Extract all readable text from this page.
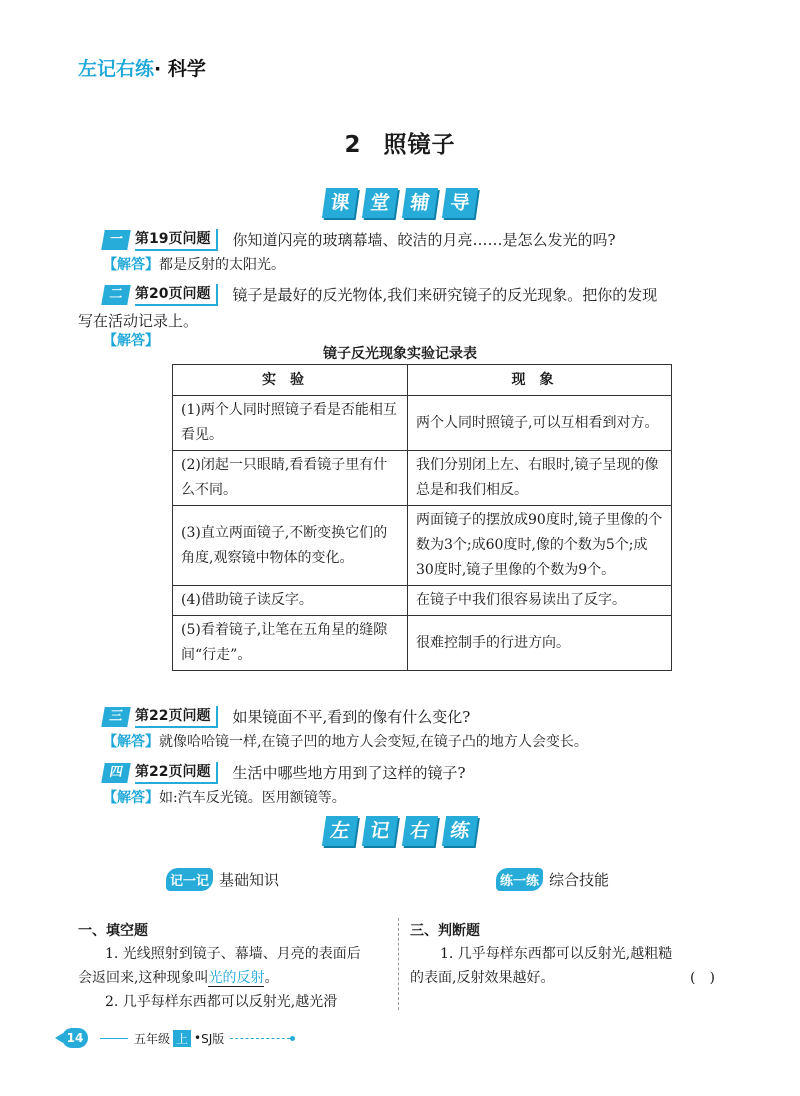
左记右练· 科学
2 照镜子
课 堂 辅 导
一 第19页问题	你知道闪亮的玻璃幕墙、皎洁的月亮……是怎么发光的吗?
【解答】都是反射的太阳光。
二 第20页问题	镜子是最好的反光物体,我们来研究镜子的反光现象。把你的发现
写在活动记录上。
【解答】
镜子反光现象实验记录表
实验	现象
(1)两个人同时照镜子看是否能相互看见。	两个人同时照镜子,可以互相看到对方。
(2)闭起一只眼睛,看看镜子里有什么不同。	我们分别闭上左、右眼时,镜子呈现的像总是和我们相反。
(3)直立两面镜子,不断变换它们的角度,观察镜中物体的变化。	两面镜子的摆放成90度时,镜子里像的个数为3个;成60度时,像的个数为5个;成30度时,镜子里像的个数为9个。
(4)借助镜子读反字。	在镜子中我们很容易读出了反字。
(5)看着镜子,让笔在五角星的缝隙间“行走”。	很难控制手的行进方向。
三 第22页问题	如果镜面不平,看到的像有什么变化?
【解答】就像哈哈镜一样,在镜子凹的地方人会变短,在镜子凸的地方人会变长。
四 第22页问题	生活中哪些地方用到了这样的镜子?
【解答】如:汽车反光镜。医用额镜等。
左 记 右 练
记一记 基础知识	练一练 综合技能
一、填空题
1. 光线照射到镜子、幕墙、月亮的表面后
会返回来,这种现象叫光的反射。
2. 几乎每样东西都可以反射光,越光滑
三、判断题
1. 几乎每样东西都可以反射光,越粗糙
的表面,反射效果越好。	(　)
14	五年级 上 • SJ版
